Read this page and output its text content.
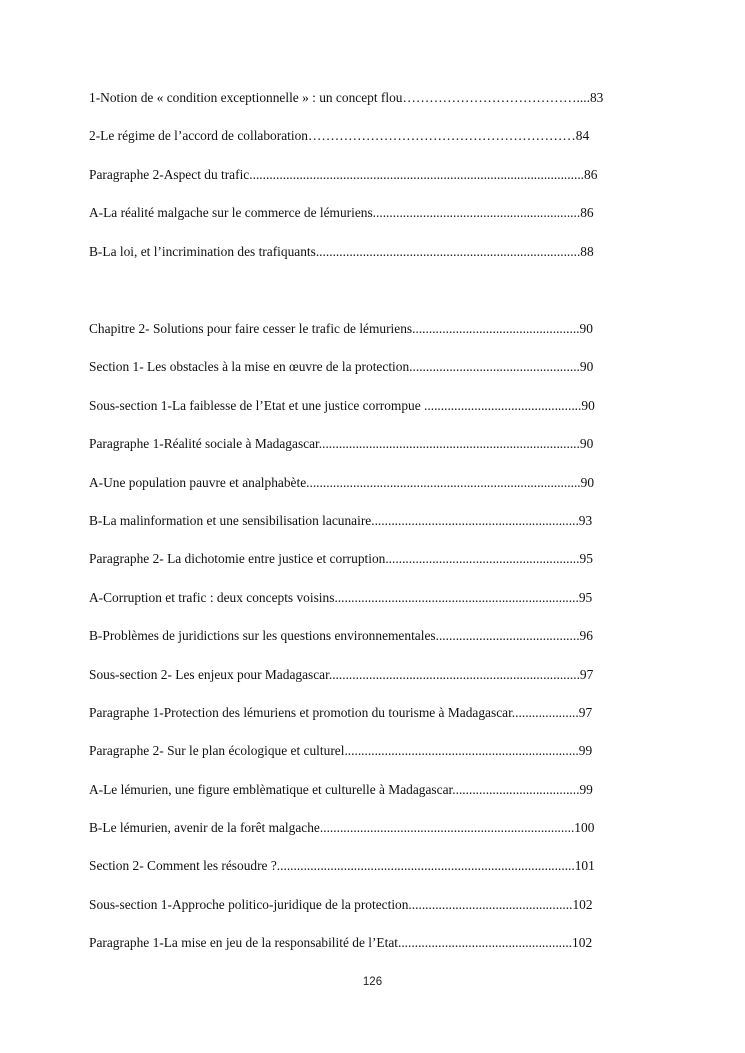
1-Notion de « condition exceptionnelle » : un concept flou…………………………………....83
2-Le régime de l’accord de collaboration……………………………………………………84
Paragraphe 2-Aspect du trafic....................................................................................................86
A-La réalité malgache sur le commerce de lémuriens..............................................................86
B-La loi, et l’incrimination des trafiquants...............................................................................88
Chapitre 2- Solutions pour faire cesser le trafic de lémuriens..................................................90
Section 1- Les obstacles à la mise en œuvre de la protection...................................................90
Sous-section 1-La faiblesse de l’Etat et une justice corrompue ...............................................90
Paragraphe 1-Réalité sociale à Madagascar..............................................................................90
A-Une population pauvre et analphabète..................................................................................90
B-La malinformation et une sensibilisation lacunaire..............................................................93
Paragraphe 2- La dichotomie entre justice et corruption..........................................................95
A-Corruption et trafic : deux concepts voisins.........................................................................95
B-Problèmes de juridictions sur les questions environnementales...........................................96
Sous-section 2- Les enjeux pour Madagascar...........................................................................97
Paragraphe 1-Protection des lémuriens et promotion du tourisme à Madagascar....................97
Paragraphe 2- Sur le plan écologique et culturel......................................................................99
A-Le lémurien, une figure emblèmatique et culturelle à Madagascar......................................99
B-Le lémurien, avenir de la forêt malgache............................................................................100
Section 2- Comment les résoudre ?.........................................................................................101
Sous-section 1-Approche politico-juridique de la protection.................................................102
Paragraphe 1-La mise en jeu de la responsabilité de l’Etat....................................................102
126
